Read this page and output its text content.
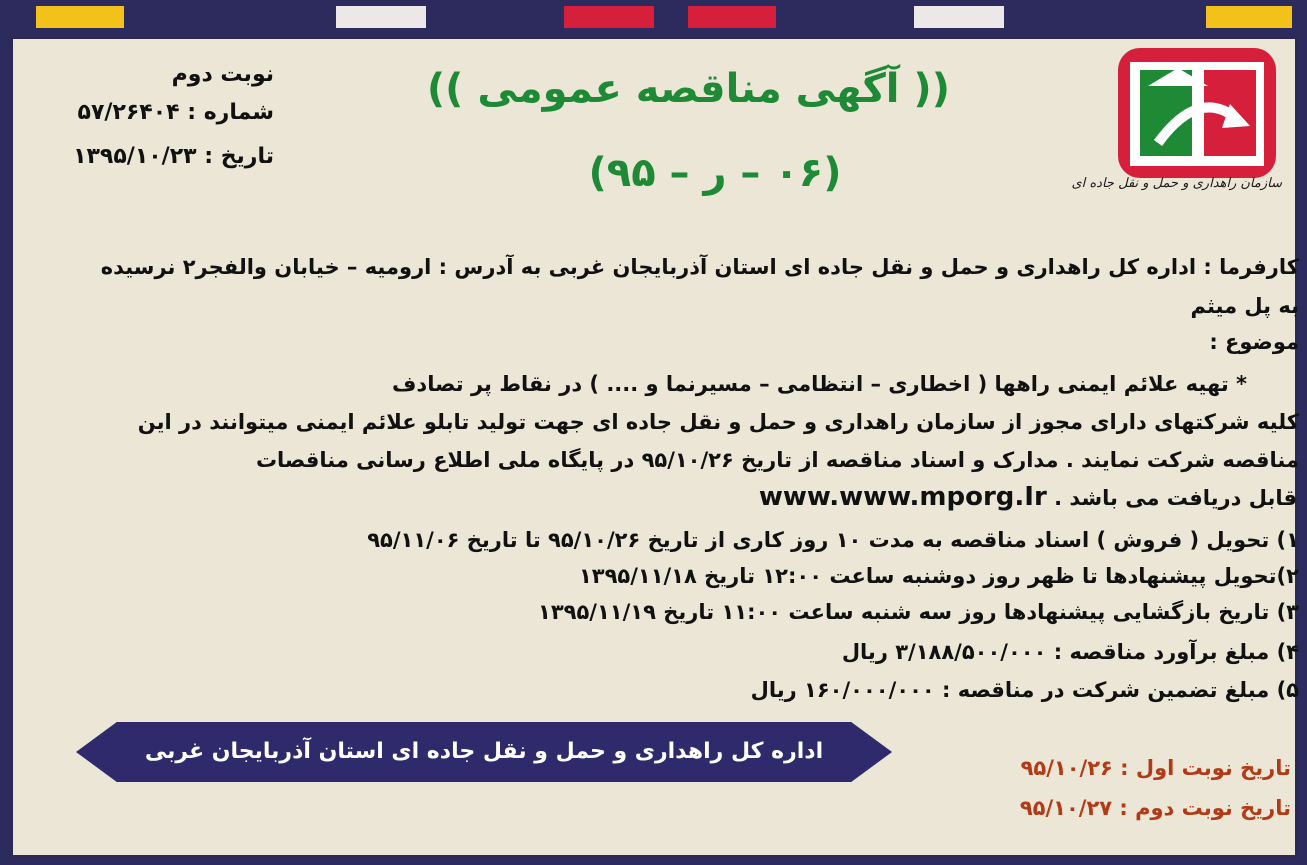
سازمان راهداری و حمل و نقل جاده ای
(( آگهی مناقصه عمومی ))
(۰۶ – ر – ۹۵)
نوبت دوم
شماره : ۵۷/۲۶۴۰۴
تاریخ : ۱۳۹۵/۱۰/۲۳
کارفرما : اداره کل راهداری و حمل و نقل جاده ای استان آذربایجان غربی به آدرس : ارومیه – خیابان والفجر۲ نرسیده
به پل میثم
موضوع :
* تهیه علائم ایمنی راهها ( اخطاری – انتظامی – مسیرنما و .... ) در نقاط پر تصادف
کلیه شرکتهای دارای مجوز از سازمان راهداری و حمل و نقل جاده ای جهت تولید تابلو علائم ایمنی میتوانند در این
مناقصه شرکت نمایند . مدارک و اسناد مناقصه از تاریخ ۹۵/۱۰/۲۶ در پایگاه ملی اطلاع رسانی مناقصات
قابل دریافت می باشد . www.www.mporg.Ir
۱) تحویل ( فروش ) اسناد مناقصه به مدت ۱۰ روز کاری از تاریخ ۹۵/۱۰/۲۶ تا تاریخ ۹۵/۱۱/۰۶
۲)تحویل پیشنهادها تا ظهر روز دوشنبه ساعت ۱۲:۰۰ تاریخ ۱۳۹۵/۱۱/۱۸
۳) تاریخ بازگشایی پیشنهادها روز سه شنبه ساعت ۱۱:۰۰ تاریخ ۱۳۹۵/۱۱/۱۹
۴) مبلغ برآورد مناقصه : ۳/۱۸۸/۵۰۰/۰۰۰ ریال
۵) مبلغ تضمین شرکت در مناقصه : ۱۶۰/۰۰۰/۰۰۰ ریال
اداره کل راهداری و حمل و نقل جاده ای استان آذربایجان غربی
تاریخ نوبت اول : ۹۵/۱۰/۲۶
تاریخ نوبت دوم : ۹۵/۱۰/۲۷
